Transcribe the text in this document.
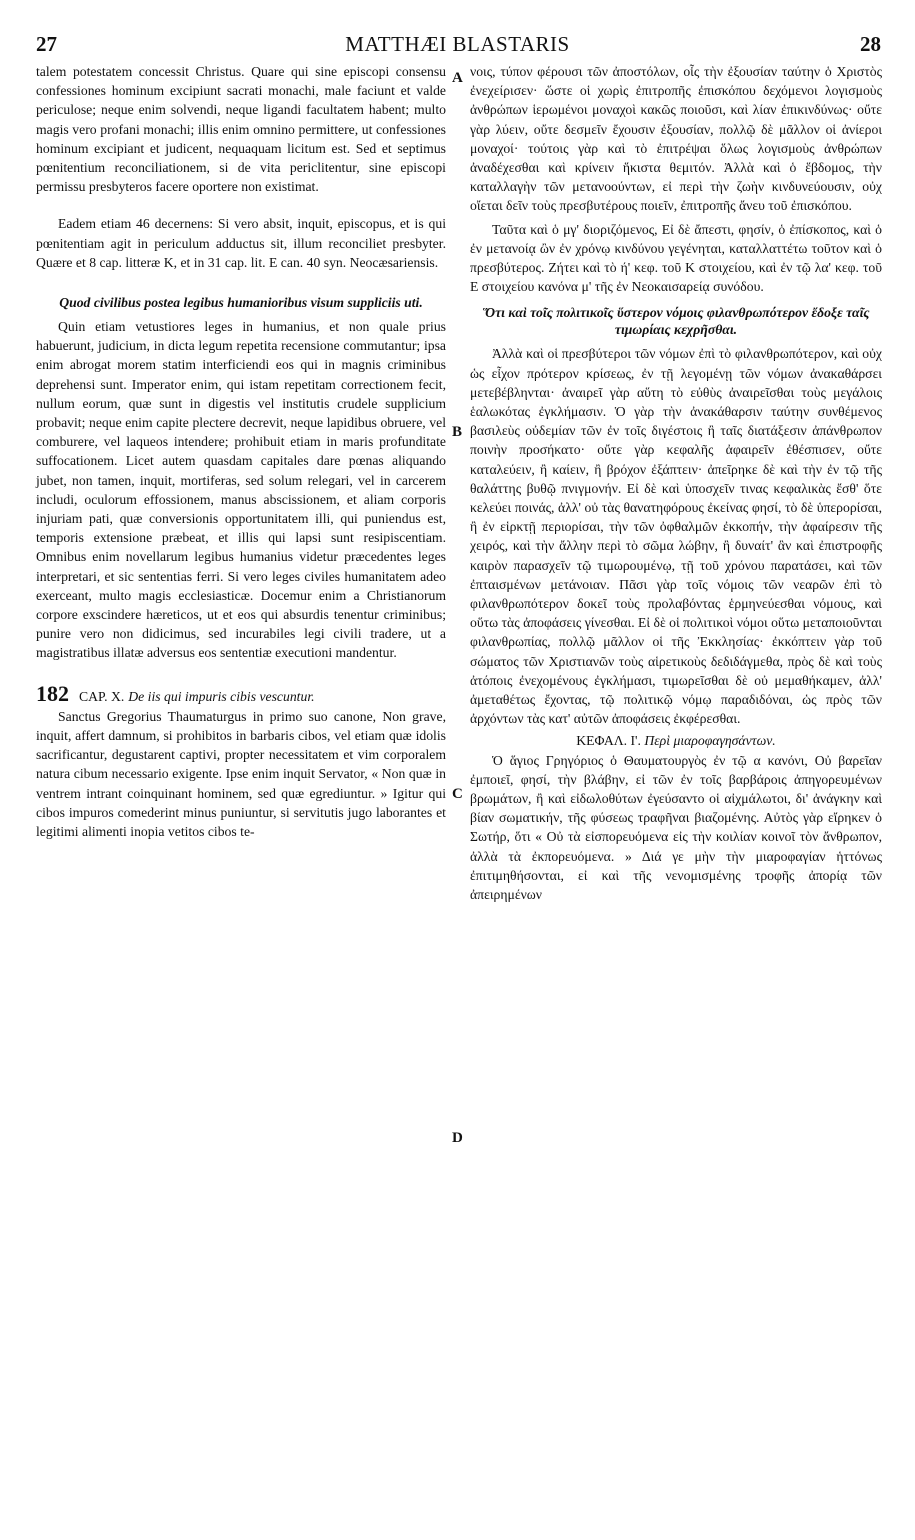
27	MATTHÆI BLASTARIS	28
A
B
C
D

talem potestatem concessit Christus. Quare qui sine episcopi consensu confessiones hominum excipiunt sacrati monachi, male faciunt et valde periculose; neque enim solvendi, neque ligandi facultatem habent; multo magis vero profani monachi; illis enim omnino permittere, ut confessiones hominum excipiant et judicent, nequaquam licitum est. Sed et septimus pœnitentium reconciliationem, si de vita periclitentur, sine episcopi permissu presbyteros facere oportere non existimat.

Eadem etiam 46 decernens: Si vero absit, inquit, episcopus, et is qui pœnitentiam agit in periculum adductus sit, illum reconciliet presbyter. Quære et 8 cap. litteræ K, et in 31 cap. lit. E can. 40 syn. Neocæsariensis.

Quod civilibus postea legibus humanioribus visum suppliciis uti.

Quin etiam vetustiores leges in humanius, et non quale prius habuerunt, judicium, in dicta legum repetita recensione commutantur; ipsa enim abrogat morem statim interficiendi eos qui in magnis criminibus deprehensi sunt. Imperator enim, qui istam repetitam correctionem fecit, nullum eorum, quæ sunt in digestis vel institutis crudele supplicium probavit; neque enim capite plectere decrevit, neque lapidibus obruere, vel comburere, vel laqueos intendere; prohibuit etiam in maris profunditate suffocationem. Licet autem quasdam capitales dare pœnas aliquando jubet, non tamen, inquit, mortiferas, sed solum relegari, vel in carcerem includi, oculorum effossionem, manus abscissionem, et aliam corporis injuriam pati, quæ conversionis opportunitatem illi, qui puniendus est, temporis extensione præbeat, et illis qui lapsi sunt resipiscentiam. Omnibus enim novellarum legibus humanius videtur præcedentes leges interpretari, et sic sententias ferri. Si vero leges civiles humanitatem adeo exerceant, multo magis ecclesiasticæ. Docemur enim a Christianorum corpore exscindere hæreticos, ut et eos qui absurdis tenentur criminibus; punire vero non didicimus, sed incurabiles legi civili tradere, ut a magistratibus illatæ adversus eos sententiæ executioni mandentur.

182 CAP. X. De iis qui impuris cibis vescuntur.

Sanctus Gregorius Thaumaturgus in primo suo canone, Non grave, inquit, affert damnum, si prohibitos in barbaris cibos, vel etiam quæ idolis sacrificantur, degustarent captivi, propter necessitatem et vim corporalem natura cibum necessario exigente. Ipse enim inquit Servator, « Non quæ in ventrem intrant coinquinant hominem, sed quæ egrediuntur. » Igitur qui cibos impuros comederint minus puniuntur, si servitutis jugo laborantes et legitimi alimenti inopia vetitos cibos te-

νοις, τύπον φέρουσι τῶν ἀποστόλων, οἷς τὴν ἐξουσίαν ταύτην ὁ Χριστὸς ἐνεχείρισεν· ὥστε οἱ χωρὶς ἐπιτροπῆς ἐπισκόπου δεχόμενοι λογισμοὺς ἀνθρώπων ἱερωμένοι μοναχοὶ κακῶς ποιοῦσι, καὶ λίαν ἐπικινδύνως· οὔτε γὰρ λύειν, οὔτε δεσμεῖν ἔχουσιν ἐξουσίαν, πολλῷ δὲ μᾶλλον οἱ ἀνίεροι μοναχοί· τούτοις γὰρ καὶ τὸ ἐπιτρέψαι ὅλως λογισμοὺς ἀνθρώπων ἀναδέχεσθαι καὶ κρίνειν ἥκιστα θεμιτόν. Ἀλλὰ καὶ ὁ ἕβδομος, τὴν καταλλαγὴν τῶν μετανοούντων, εἰ περὶ τὴν ζωὴν κινδυνεύουσιν, οὐχ οἴεται δεῖν τοὺς πρεσβυτέρους ποιεῖν, ἐπιτροπῆς ἄνευ τοῦ ἐπισκόπου.

Ταῦτα καὶ ὁ μγ' διοριζόμενος, Εἰ δὲ ἄπεστι, φησίν, ὁ ἐπίσκοπος, καὶ ὁ ἐν μετανοίᾳ ὢν ἐν χρόνῳ κινδύνου γεγένηται, καταλλαττέτω τοῦτον καὶ ὁ πρεσβύτερος. Ζήτει καὶ τὸ ή' κεφ. τοῦ Κ στοιχείου, καὶ ἐν τῷ λα' κεφ. τοῦ Ε στοιχείου κανόνα μ' τῆς ἐν Νεοκαισαρείᾳ συνόδου.

Ὅτι καὶ τοῖς πολιτικοῖς ὕστερον νόμοις φιλανθρωπότερον ἔδοξε ταῖς τιμωρίαις κεχρῆσθαι.

Ἀλλὰ καὶ οἱ πρεσβύτεροι τῶν νόμων ἐπὶ τὸ φιλανθρωπότερον, καὶ οὐχ ὡς εἶχον πρότερον κρίσεως, ἐν τῇ λεγομένῃ τῶν νόμων ἀνακαθάρσει μετεβέβληνται· ἀναιρεῖ γὰρ αὕτη τὸ εὐθὺς ἀναιρεῖσθαι τοὺς μεγάλοις ἑαλωκότας ἐγκλήμασιν. Ὁ γὰρ τὴν ἀνακάθαρσιν ταύτην συνθέμενος βασιλεὺς οὐδεμίαν τῶν ἐν τοῖς διγέστοις ἢ ταῖς διατάξεσιν ἀπάνθρωπον ποινὴν προσήκατο· οὔτε γὰρ κεφαλῆς ἀφαιρεῖν ἐθέσπισεν, οὔτε καταλεύειν, ἢ καίειν, ἢ βρόχον ἐξάπτειν· ἀπεῖρηκε δὲ καὶ τὴν ἐν τῷ τῆς θαλάττης βυθῷ πνιγμονήν. Εἰ δὲ καὶ ὑποσχεῖν τινας κεφαλικὰς ἔσθ' ὅτε κελεύει ποινάς, ἀλλ' οὐ τὰς θανατηφόρους ἐκείνας φησί, τὸ δὲ ὑπερορίσαι, ἢ ἐν εἱρκτῇ περιορίσαι, τὴν τῶν ὀφθαλμῶν ἐκκοπήν, τὴν ἀφαίρεσιν τῆς χειρός, καὶ τὴν ἄλλην περὶ τὸ σῶμα λώβην, ἢ δυναίτ' ἂν καὶ ἐπιστροφῆς καιρὸν παρασχεῖν τῷ τιμωρουμένῳ, τῇ τοῦ χρόνου παρατάσει, καὶ τῶν ἐπταισμένων μετάνοιαν. Πᾶσι γὰρ τοῖς νόμοις τῶν νεαρῶν ἐπὶ τὸ φιλανθρωπότερον δοκεῖ τοὺς προλαβόντας ἑρμηνεύεσθαι νόμους, καὶ οὕτω τὰς ἀποφάσεις γίνεσθαι. Εἰ δὲ οἱ πολιτικοὶ νόμοι οὕτω μεταποιοῦνται φιλανθρωπίας, πολλῷ μᾶλλον οἱ τῆς Ἐκκλησίας· ἐκκόπτειν γὰρ τοῦ σώματος τῶν Χριστιανῶν τοὺς αἱρετικοὺς δεδιδάγμεθα, πρὸς δὲ καὶ τοὺς ἀτόποις ἐνεχομένους ἐγκλήμασι, τιμωρεῖσθαι δὲ οὐ μεμαθήκαμεν, ἀλλ' ἀμεταθέτως ἔχοντας, τῷ πολιτικῷ νόμῳ παραδιδόναι, ὡς πρὸς τῶν ἀρχόντων τὰς κατ' αὐτῶν ἀποφάσεις ἐκφέρεσθαι.

ΚΕΦΑΛ. Ι'. Περὶ μιαροφαγησάντων.

Ὁ ἅγιος Γρηγόριος ὁ Θαυματουργὸς ἐν τῷ α κανόνι, Οὐ βαρεῖαν ἐμποιεῖ, φησί, τὴν βλάβην, εἰ τῶν ἐν τοῖς βαρβάροις ἀπηγορευμένων βρωμάτων, ἢ καὶ εἰδωλοθύτων ἐγεύσαντο οἱ αἰχμάλωτοι, δι' ἀνάγκην καὶ βίαν σωματικήν, τῆς φύσεως τραφῆναι βιαζομένης. Αὐτὸς γὰρ εἴρηκεν ὁ Σωτήρ, ὅτι « Οὐ τὰ εἰσπορευόμενα εἰς τὴν κοιλίαν κοινοῖ τὸν ἄνθρωπον, ἀλλὰ τὰ ἐκπορευόμενα. » Διά γε μὴν τὴν μιαροφαγίαν ἡττόνως ἐπιτιμηθήσονται, εἰ καὶ τῆς νενομισμένης τροφῆς ἀπορίᾳ τῶν ἀπειρημένων
